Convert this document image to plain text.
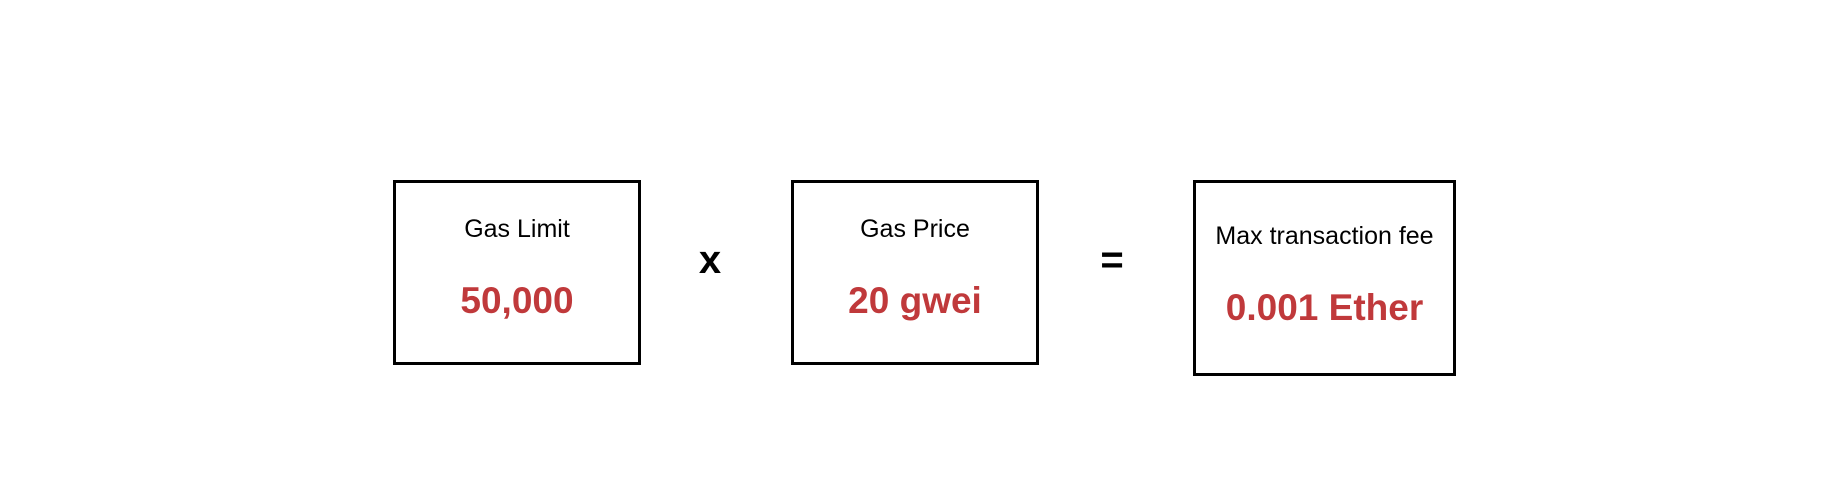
Gas Limit
50,000
x
Gas Price
20 gwei
=
Max transaction fee
0.001 Ether
